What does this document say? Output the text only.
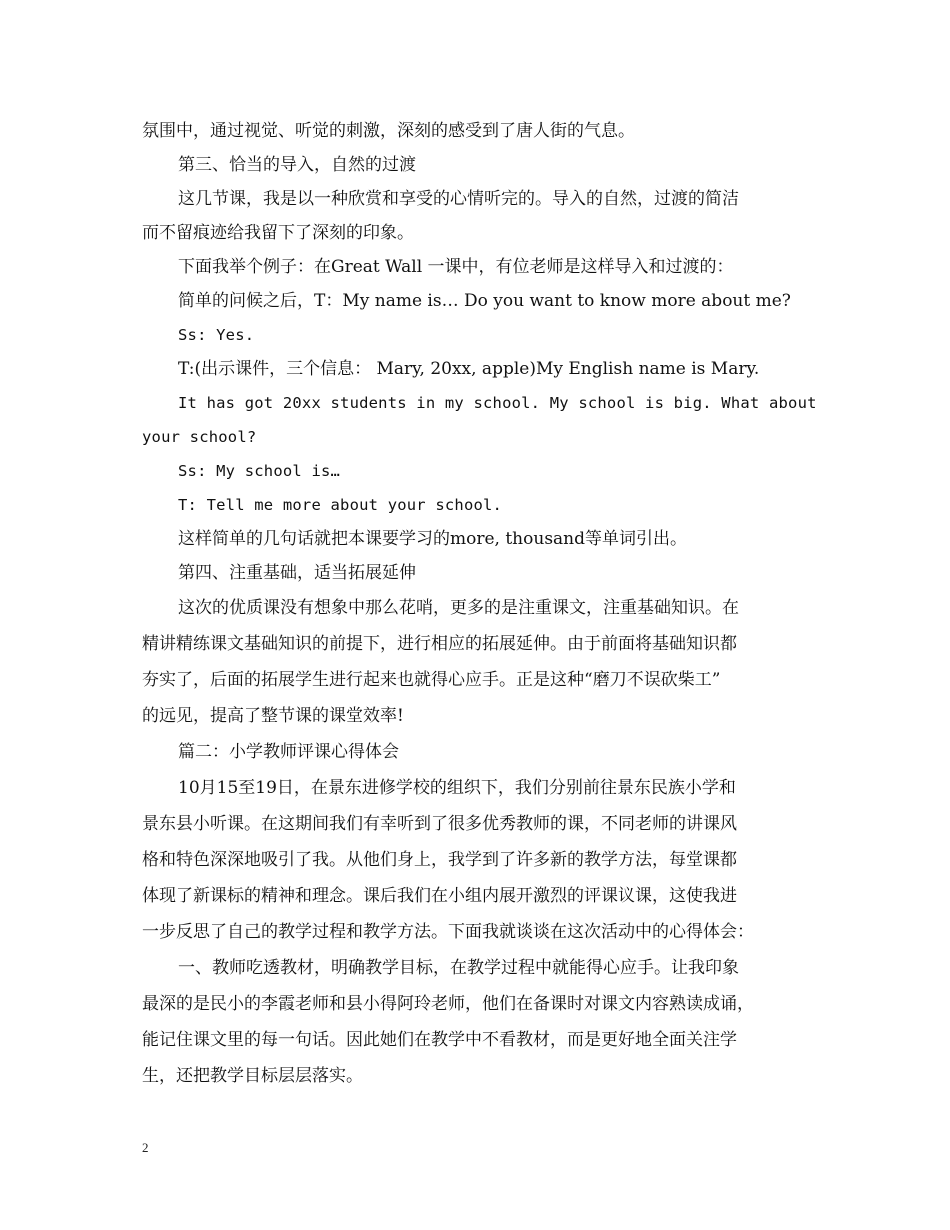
氛围中，通过视觉、听觉的刺激，深刻的感受到了唐人街的气息。
第三、恰当的导入，自然的过渡
这几节课，我是以一种欣赏和享受的心情听完的。导入的自然，过渡的简洁
而不留痕迹给我留下了深刻的印象。
下面我举个例子：在Great Wall 一课中，有位老师是这样导入和过渡的：
简单的问候之后，T：My name is… Do you want to know more about me?
Ss: Yes.
T:(出示课件，三个信息： Mary, 20xx, apple)My English name is Mary.
It has got 20xx students in my school. My school is big. What about
your school?
Ss: My school is…
T: Tell me more about your school.
这样简单的几句话就把本课要学习的more, thousand等单词引出。
第四、注重基础，适当拓展延伸
这次的优质课没有想象中那么花哨，更多的是注重课文，注重基础知识。在
精讲精练课文基础知识的前提下，进行相应的拓展延伸。由于前面将基础知识都
夯实了，后面的拓展学生进行起来也就得心应手。正是这种“磨刀不误砍柴工”
的远见，提高了整节课的课堂效率!
篇二：小学教师评课心得体会
10月15至19日，在景东进修学校的组织下，我们分别前往景东民族小学和
景东县小听课。在这期间我们有幸听到了很多优秀教师的课，不同老师的讲课风
格和特色深深地吸引了我。从他们身上，我学到了许多新的教学方法，每堂课都
体现了新课标的精神和理念。课后我们在小组内展开激烈的评课议课，这使我进
一步反思了自己的教学过程和教学方法。下面我就谈谈在这次活动中的心得体会：
一、教师吃透教材，明确教学目标，在教学过程中就能得心应手。让我印象
最深的是民小的李霞老师和县小得阿玲老师，他们在备课时对课文内容熟读成诵，
能记住课文里的每一句话。因此她们在教学中不看教材，而是更好地全面关注学
生，还把教学目标层层落实。
2
